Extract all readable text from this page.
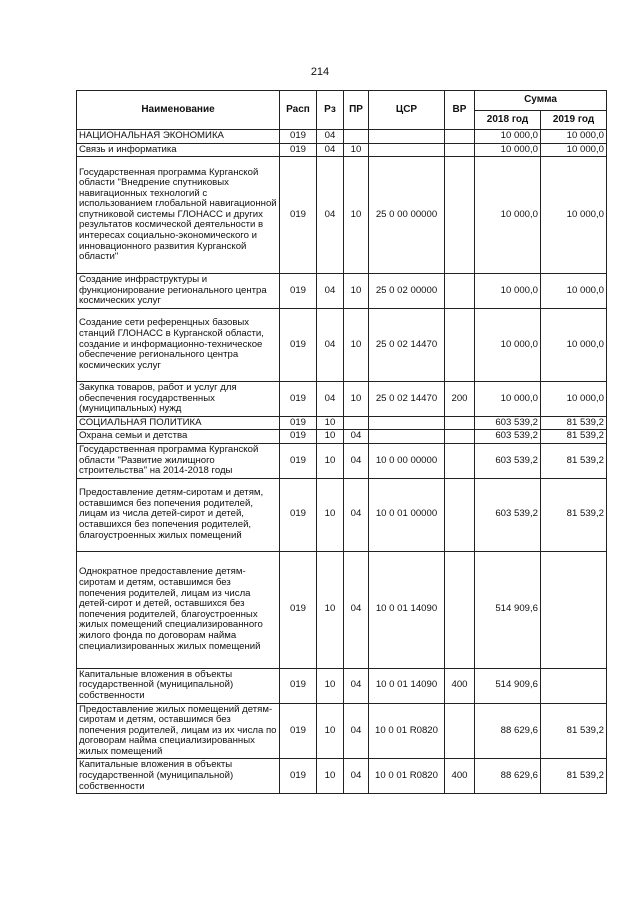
214
Наименование	Расп	Рз	ПР	ЦСР	ВР	Сумма	
						2018 год	2019 год
НАЦИОНАЛЬНАЯ ЭКОНОМИКА	019	04				10 000,0	10 000,0
Связь и информатика	019	04	10			10 000,0	10 000,0
Государственная программа Курганской области "Внедрение спутниковых навигационных технологий с использованием глобальной навигационной спутниковой системы ГЛОНАСС и других результатов космической деятельности в интересах социально-экономического и инновационного развития Курганской области"	019	04	10	25 0 00 00000		10 000,0	10 000,0
Создание инфраструктуры и функционирование регионального центра космических услуг	019	04	10	25 0 02 00000		10 000,0	10 000,0
Создание сети референцных базовых станций ГЛОНАСС в Курганской области, создание и информационно-техническое обеспечение регионального центра космических услуг	019	04	10	25 0 02 14470		10 000,0	10 000,0
Закупка товаров, работ и услуг для обеспечения государственных (муниципальных) нужд	019	04	10	25 0 02 14470	200	10 000,0	10 000,0
СОЦИАЛЬНАЯ ПОЛИТИКА	019	10				603 539,2	81 539,2
Охрана семьи и детства	019	10	04			603 539,2	81 539,2
Государственная программа Курганской области "Развитие жилищного строительства" на 2014-2018 годы	019	10	04	10 0 00 00000		603 539,2	81 539,2
Предоставление детям-сиротам и детям, оставшимся без попечения родителей, лицам из числа детей-сирот и детей, оставшихся без попечения родителей, благоустроенных жилых помещений	019	10	04	10 0 01 00000		603 539,2	81 539,2
Однократное предоставление детям-сиротам и детям, оставшимся без попечения родителей, лицам из числа детей-сирот и детей, оставшихся без попечения родителей, благоустроенных жилых помещений специализированного жилого фонда по договорам найма специализированных жилых помещений	019	10	04	10 0 01 14090		514 909,6	
Капитальные вложения в объекты государственной (муниципальной) собственности	019	10	04	10 0 01 14090	400	514 909,6	
Предоставление жилых помещений детям-сиротам и детям, оставшимся без попечения родителей, лицам из их числа по договорам найма специализированных жилых помещений	019	10	04	10 0 01 R0820		88 629,6	81 539,2
Капитальные вложения в объекты государственной (муниципальной) собственности	019	10	04	10 0 01 R0820	400	88 629,6	81 539,2
